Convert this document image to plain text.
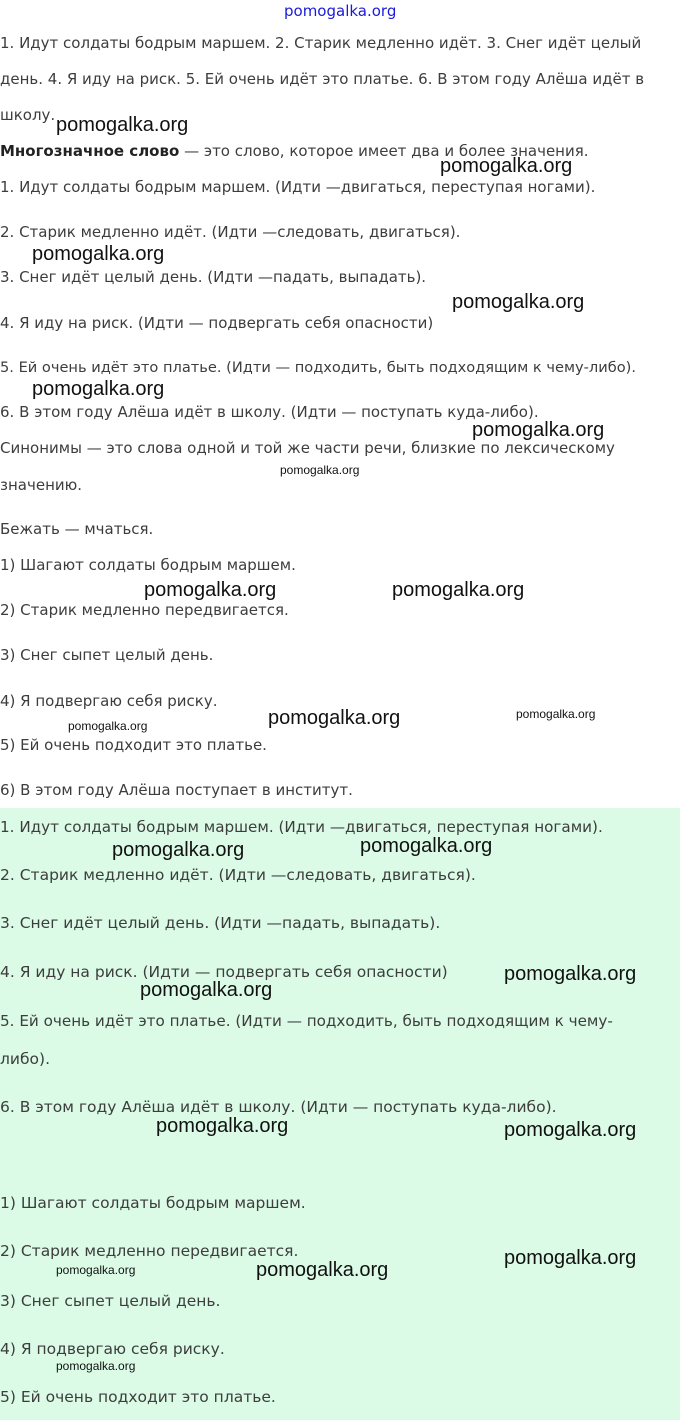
pomogalka.org
1. Идут солдаты бодрым маршем. 2. Старик медленно идёт. 3. Снег идёт целый
день. 4. Я иду на риск. 5. Ей очень идёт это платье. 6. В этом году Алёша идёт в
школу.
Многозначное слово — это слово, которое имеет два и более значения.
1. Идут солдаты бодрым маршем. (Идти —двигаться, переступая ногами).
2. Старик медленно идёт. (Идти —следовать, двигаться).
3. Снег идёт целый день. (Идти —падать, выпадать).
4. Я иду на риск. (Идти — подвергать себя опасности)
5. Ей очень идёт это платье. (Идти — подходить, быть подходящим к чему-либо).
6. В этом году Алёша идёт в школу. (Идти — поступать куда-либо).
Синонимы — это слова одной и той же части речи, близкие по лексическому
значению.
Бежать — мчаться.
1) Шагают солдаты бодрым маршем.
2) Старик медленно передвигается.
3) Снег сыпет целый день.
4) Я подвергаю себя риску.
5) Ей очень подходит это платье.
6) В этом году Алёша поступает в институт.
1. Идут солдаты бодрым маршем. (Идти —двигаться, переступая ногами).
2. Старик медленно идёт. (Идти —следовать, двигаться).
3. Снег идёт целый день. (Идти —падать, выпадать).
4. Я иду на риск. (Идти — подвергать себя опасности)
5. Ей очень идёт это платье. (Идти — подходить, быть подходящим к чему-
либо).
6. В этом году Алёша идёт в школу. (Идти — поступать куда-либо).
1) Шагают солдаты бодрым маршем.
2) Старик медленно передвигается.
3) Снег сыпет целый день.
4) Я подвергаю себя риску.
5) Ей очень подходит это платье.
pomogalka.org
pomogalka.org
pomogalka.org
pomogalka.org
pomogalka.org
pomogalka.org
pomogalka.org
pomogalka.org	pomogalka.org
pomogalka.org	pomogalka.org	pomogalka.org
pomogalka.org	pomogalka.org
pomogalka.org
pomogalka.org
pomogalka.org	pomogalka.org
pomogalka.org
pomogalka.org	pomogalka.org
pomogalka.org
